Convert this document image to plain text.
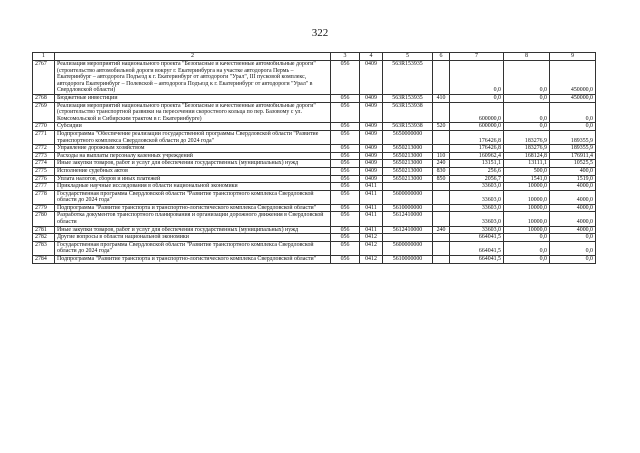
322
1	2	3	4	5	6	7	8	9
2767	Реализация мероприятий национального проекта "Безопасные и качественные автомобильные дороги" (строительство автомобильной дороги вокруг г. Екатеринбурга на участке автодорога Пермь – Екатеринбург – автодорога Подъезд к г. Екатеринбург от автодороги "Урал", III пусковой комплекс, автодорога Екатеринбург – Полевской – автодорога Подъезд к г. Екатеринбург от автодороги "Урал" в Свердловской области)	056	0409	563R153935		0,0	0,0	450000,0
2768	Бюджетные инвестиции	056	0409	563R153935	410	0,0	0,0	450000,0
2769	Реализация мероприятий национального проекта "Безопасные и качественные автомобильные дороги" (строительство транспортной развязки на пересечении скоростного кольца по пер. Базовому с ул. Комсомольской и Сибирским трактом в г. Екатеринбурге)	056	0409	563R153938		600000,0	0,0	0,0
2770	Субсидии	056	0409	563R153938	520	600000,0	0,0	0,0
2771	Подпрограмма "Обеспечение реализации государственной программы Свердловской области "Развитие транспортного комплекса Свердловской области до 2024 года"	056	0409	5650000000		176426,8	183276,9	189355,9
2772	Управление дорожным хозяйством	056	0409	5650213000		176426,8	183276,9	189355,9
2773	Расходы на выплаты персоналу казенных учреждений	056	0409	5650213000	110	160962,4	168124,8	176911,4
2774	Иные закупки товаров, работ и услуг для обеспечения государственных (муниципальных) нужд	056	0409	5650213000	240	13151,1	13111,1	10525,5
2775	Исполнение судебных актов	056	0409	5650213000	830	256,6	500,0	400,0
2776	Уплата налогов, сборов и иных платежей	056	0409	5650213000	850	2056,7	1541,0	1519,0
2777	Прикладные научные исследования в области национальной экономики	056	0411			33603,0	10000,0	4000,0
2778	Государственная программа Свердловской области "Развитие транспортного комплекса Свердловской области до 2024 года"	056	0411	5600000000		33603,0	10000,0	4000,0
2779	Подпрограмма "Развитие транспорта и транспортно-логистического комплекса Свердловской области"	056	0411	5610000000		33603,0	10000,0	4000,0
2780	Разработка документов транспортного планирования и организации дорожного движения в Свердловской области	056	0411	5612410000		33603,0	10000,0	4000,0
2781	Иные закупки товаров, работ и услуг для обеспечения государственных (муниципальных) нужд	056	0411	5612410000	240	33603,0	10000,0	4000,0
2782	Другие вопросы в области национальной экономики	056	0412			664041,5	0,0	0,0
2783	Государственная программа Свердловской области "Развитие транспортного комплекса Свердловской области до 2024 года"	056	0412	5600000000		664041,5	0,0	0,0
2784	Подпрограмма "Развитие транспорта и транспортно-логистического комплекса Свердловской области"	056	0412	5610000000		664041,5	0,0	0,0
